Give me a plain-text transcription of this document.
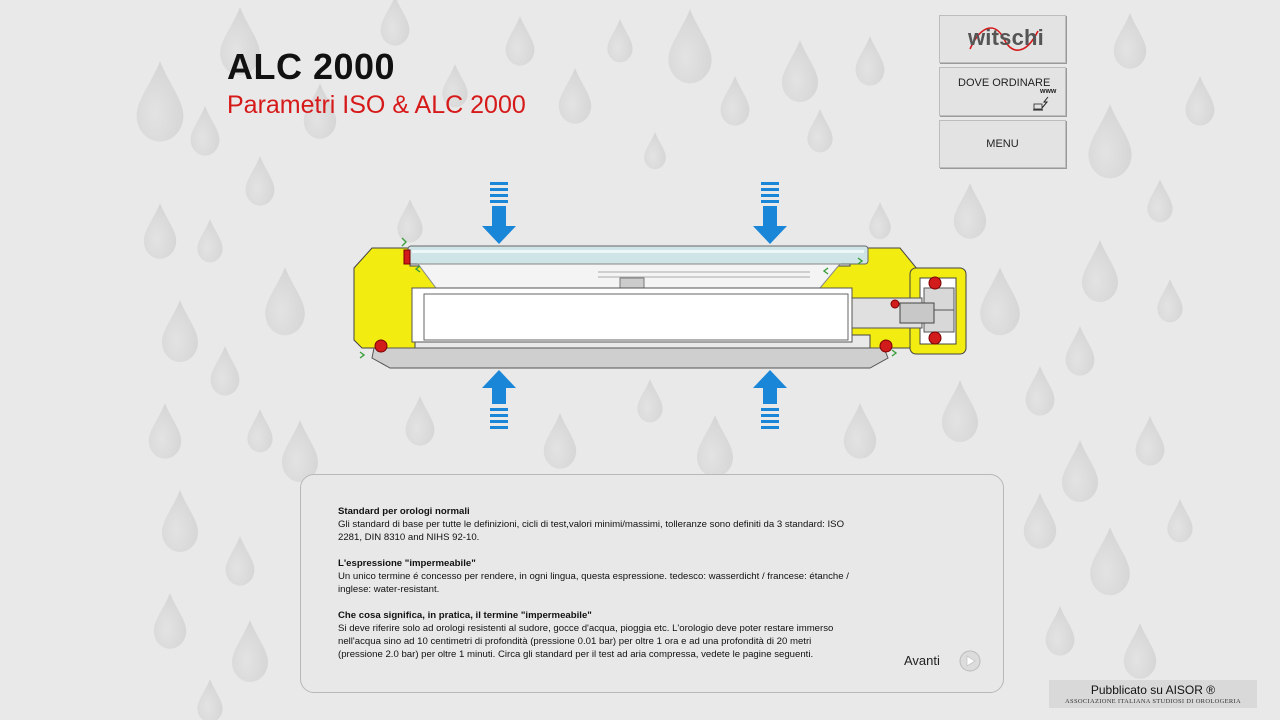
ALC 2000
Parametri ISO & ALC 2000
witschi
DOVE ORDINARE
www
MENU
Standard per orologi normali

Gli standard di base per tutte le definizioni, cicli di test,valori minimi/massimi, tolleranze sono definiti da 3 standard: ISO 2281, DIN 8310 and NIHS 92-10.

L'espressione "impermeabile"

Un unico termine é concesso per rendere, in ogni lingua, questa espressione. tedesco: wasserdicht / francese: étanche / inglese: water-resistant.

Che cosa significa, in pratica, il termine "impermeabile"

Si deve riferire solo ad orologi resistenti al sudore, gocce d'acqua, pioggia etc. L'orologio deve poter restare immerso nell'acqua sino ad 10 centimetri di profondità (pressione 0.01 bar) per oltre 1 ora e ad una profondità di 20 metri (pressione 2.0 bar) per oltre 1 minuti. Circa gli standard per il test ad aria compressa, vedete le pagine seguenti.	Avanti
Pubblicato su AISOR ®
ASSOCIAZIONE ITALIANA STUDIOSI DI OROLOGERIA
